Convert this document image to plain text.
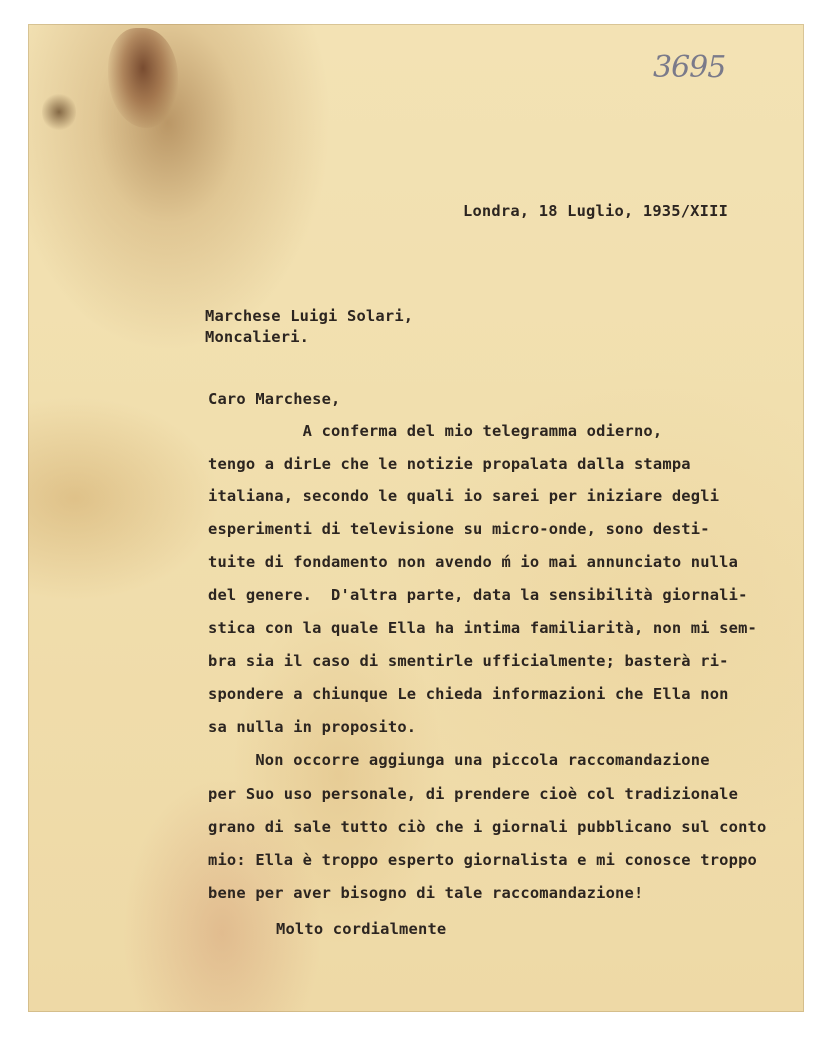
3695
Londra, 18 Luglio, 1935/XIII
Marchese Luigi Solari,
Moncalieri.
Caro Marchese,
A conferma del mio telegramma odierno,
tengo a dirLe che le notizie propalata dalla stampa
italiana, secondo le quali io sarei per iniziare degli
esperimenti di televisione su micro-onde, sono desti-
tuite di fondamento non avendo ḿ io mai annunciato nulla
del genere.  D'altra parte, data la sensibilità giornali-
stica con la quale Ella ha intima familiarità, non mi sem-
bra sia il caso di smentirle ufficialmente; basterà ri-
spondere a chiunque Le chieda informazioni che Ella non
sa nulla in proposito.
Non occorre aggiunga una piccola raccomandazione
per Suo uso personale, di prendere cioè col tradizionale
grano di sale tutto ciò che i giornali pubblicano sul conto
mio: Ella è troppo esperto giornalista e mi conosce troppo
bene per aver bisogno di tale raccomandazione!
Molto cordialmente
